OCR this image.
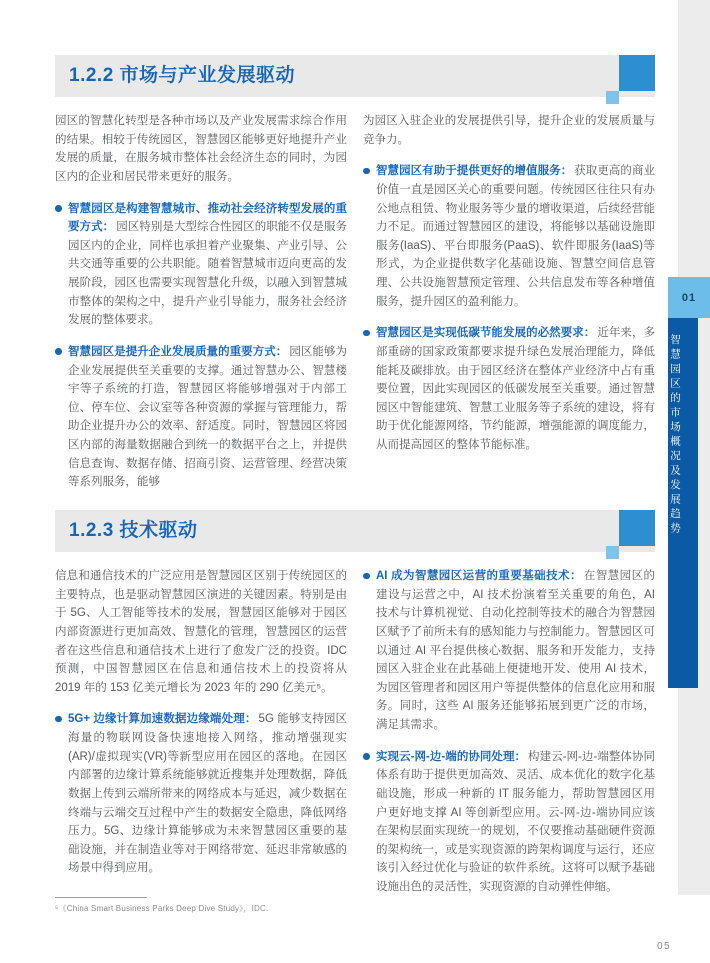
01
智慧园区的市场概况及发展趋势
1.2.2 市场与产业发展驱动

园区的智慧化转型是各种市场以及产业发展需求综合作用的结果。相较于传统园区，智慧园区能够更好地提升产业发展的质量，在服务城市整体社会经济生态的同时，为园区内的企业和居民带来更好的服务。

智慧园区是构建智慧城市、推动社会经济转型发展的重要方式： 园区特别是大型综合性园区的职能不仅是服务园区内的企业，同样也承担着产业聚集、产业引导、公共交通等重要的公共职能。随着智慧城市迈向更高的发展阶段，园区也需要实现智慧化升级，以融入到智慧城市整体的架构之中，提升产业引导能力，服务社会经济发展的整体要求。
智慧园区是提升企业发展质量的重要方式： 园区能够为企业发展提供至关重要的支撑。通过智慧办公、智慧楼宇等子系统的打造，智慧园区将能够增强对于内部工位、停车位、会议室等各种资源的掌握与管理能力，帮助企业提升办公的效率、舒适度。同时，智慧园区将园区内部的海量数据融合到统一的数据平台之上，并提供信息查询、数据存储、招商引资、运营管理、经营决策等系列服务，能够

为园区入驻企业的发展提供引导，提升企业的发展质量与竞争力。

智慧园区有助于提供更好的增值服务： 获取更高的商业价值一直是园区关心的重要问题。传统园区往往只有办公地点租赁、物业服务等少量的增收渠道，后续经营能力不足。而通过智慧园区的建设，将能够以基础设施即服务(IaaS)、平台即服务(PaaS)、软件即服务(IaaS)等形式，为企业提供数字化基础设施、智慧空间信息管理、公共设施智慧预定管理、公共信息发布等各种增值服务，提升园区的盈利能力。
智慧园区是实现低碳节能发展的必然要求： 近年来，多部重磅的国家政策都要求提升绿色发展治理能力，降低能耗及碳排放。由于园区经济在整体产业经济中占有重要位置，因此实现园区的低碳发展至关重要。通过智慧园区中智能建筑、智慧工业服务等子系统的建设，将有助于优化能源网络，节约能源，增强能源的调度能力，从而提高园区的整体节能标准。
1.2.3 技术驱动

信息和通信技术的广泛应用是智慧园区区别于传统园区的主要特点，也是驱动智慧园区演进的关键因素。特别是由于 5G、人工智能等技术的发展，智慧园区能够对于园区内部资源进行更加高效、智慧化的管理，智慧园区的运营者在这些信息和通信技术上进行了愈发广泛的投资。IDC 预测，中国智慧园区在信息和通信技术上的投资将从 2019 年的 153 亿美元增长为 2023 年的 290 亿美元⁵。

5G+ 边缘计算加速数据边缘端处理： 5G 能够支持园区海量的物联网设备快速地接入网络，推动增强现实(AR)/虚拟现实(VR)等新型应用在园区的落地。在园区内部署的边缘计算系统能够就近搜集并处理数据，降低数据上传到云端所带来的网络成本与延迟，减少数据在终端与云端交互过程中产生的数据安全隐患，降低网络压力。5G、边缘计算能够成为未来智慧园区重要的基础设施，并在制造业等对于网络带宽、延迟非常敏感的场景中得到应用。
AI 成为智慧园区运营的重要基础技术： 在智慧园区的建设与运营之中，AI 技术扮演着至关重要的角色，AI 技术与计算机视觉、自动化控制等技术的融合为智慧园区赋予了前所未有的感知能力与控制能力。智慧园区可以通过 AI 平台提供核心数据、服务和开发能力，支持园区入驻企业在此基础上便捷地开发、使用 AI 技术，为园区管理者和园区用户等提供整体的信息化应用和服务。同时，这些 AI 服务还能够拓展到更广泛的市场，满足其需求。
实现云-网-边-端的协同处理： 构建云-网-边-端整体协同体系有助于提供更加高效、灵活、成本优化的数字化基础设施，形成一种新的 IT 服务能力，帮助智慧园区用户更好地支撑 AI 等创新型应用。云-网-边-端协同应该在架构层面实现统一的规划，不仅要推动基础硬件资源的架构统一，或是实现资源的跨架构调度与运行，还应该引入经过优化与验证的软件系统。这将可以赋予基础设施出色的灵活性，实现资源的自动弹性伸缩。

⁵《China Smart Business Parks Deep Dive Study》，IDC.

05
